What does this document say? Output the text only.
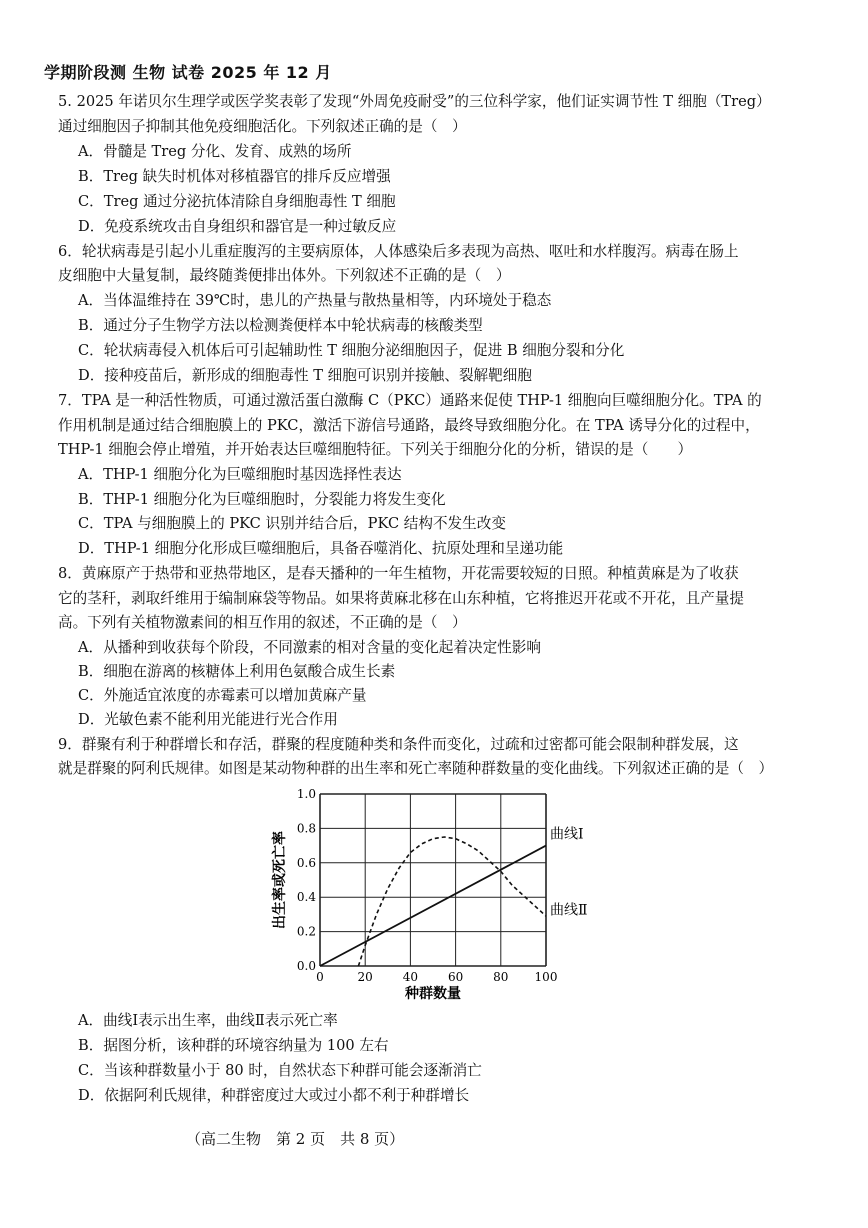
学期阶段测 生物 试卷 2025 年 12 月
5. 2025 年诺贝尔生理学或医学奖表彰了发现“外周免疫耐受”的三位科学家，他们证实调节性 T 细胞（Treg）
通过细胞因子抑制其他免疫细胞活化。下列叙述正确的是（　）
A．骨髓是 Treg 分化、发育、成熟的场所
B．Treg 缺失时机体对移植器官的排斥反应增强
C．Treg 通过分泌抗体清除自身细胞毒性 T 细胞
D．免疫系统攻击自身组织和器官是一种过敏反应
6．轮状病毒是引起小儿重症腹泻的主要病原体，人体感染后多表现为高热、呕吐和水样腹泻。病毒在肠上
皮细胞中大量复制，最终随粪便排出体外。下列叙述不正确的是（　）
A．当体温维持在 39℃时，患儿的产热量与散热量相等，内环境处于稳态
B．通过分子生物学方法以检测粪便样本中轮状病毒的核酸类型
C．轮状病毒侵入机体后可引起辅助性 T 细胞分泌细胞因子，促进 B 细胞分裂和分化
D．接种疫苗后，新形成的细胞毒性 T 细胞可识别并接触、裂解靶细胞
7．TPA 是一种活性物质，可通过激活蛋白激酶 C（PKC）通路来促使 THP-1 细胞向巨噬细胞分化。TPA 的
作用机制是通过结合细胞膜上的 PKC，激活下游信号通路，最终导致细胞分化。在 TPA 诱导分化的过程中，
THP-1 细胞会停止增殖，并开始表达巨噬细胞特征。下列关于细胞分化的分析，错误的是（　　）
A．THP-1 细胞分化为巨噬细胞时基因选择性表达
B．THP-1 细胞分化为巨噬细胞时，分裂能力将发生变化
C．TPA 与细胞膜上的 PKC 识别并结合后，PKC 结构不发生改变
D．THP-1 细胞分化形成巨噬细胞后，具备吞噬消化、抗原处理和呈递功能
8．黄麻原产于热带和亚热带地区，是春天播种的一年生植物，开花需要较短的日照。种植黄麻是为了收获
它的茎秆，剥取纤维用于编制麻袋等物品。如果将黄麻北移在山东种植，它将推迟开花或不开花，且产量提
高。下列有关植物激素间的相互作用的叙述，不正确的是（　）
A．从播种到收获每个阶段，不同激素的相对含量的变化起着决定性影响
B．细胞在游离的核糖体上利用色氨酸合成生长素
C．外施适宜浓度的赤霉素可以增加黄麻产量
D．光敏色素不能利用光能进行光合作用
9．群聚有利于种群增长和存活，群聚的程度随种类和条件而变化，过疏和过密都可能会限制种群发展，这
就是群聚的阿利氏规律。如图是某动物种群的出生率和死亡率随种群数量的变化曲线。下列叙述正确的是（　）
0	20 40 60 80 100
0.0
0.2
0.4
0.6
0.8
1.0
出生率或死亡率
种群数量
曲线Ⅰ
曲线Ⅱ
A．曲线Ⅰ表示出生率，曲线Ⅱ表示死亡率
B．据图分析，该种群的环境容纳量为 100 左右
C．当该种群数量小于 80 时，自然状态下种群可能会逐渐消亡
D．依据阿利氏规律，种群密度过大或过小都不利于种群增长
（高二生物　第 2 页　共 8 页）
